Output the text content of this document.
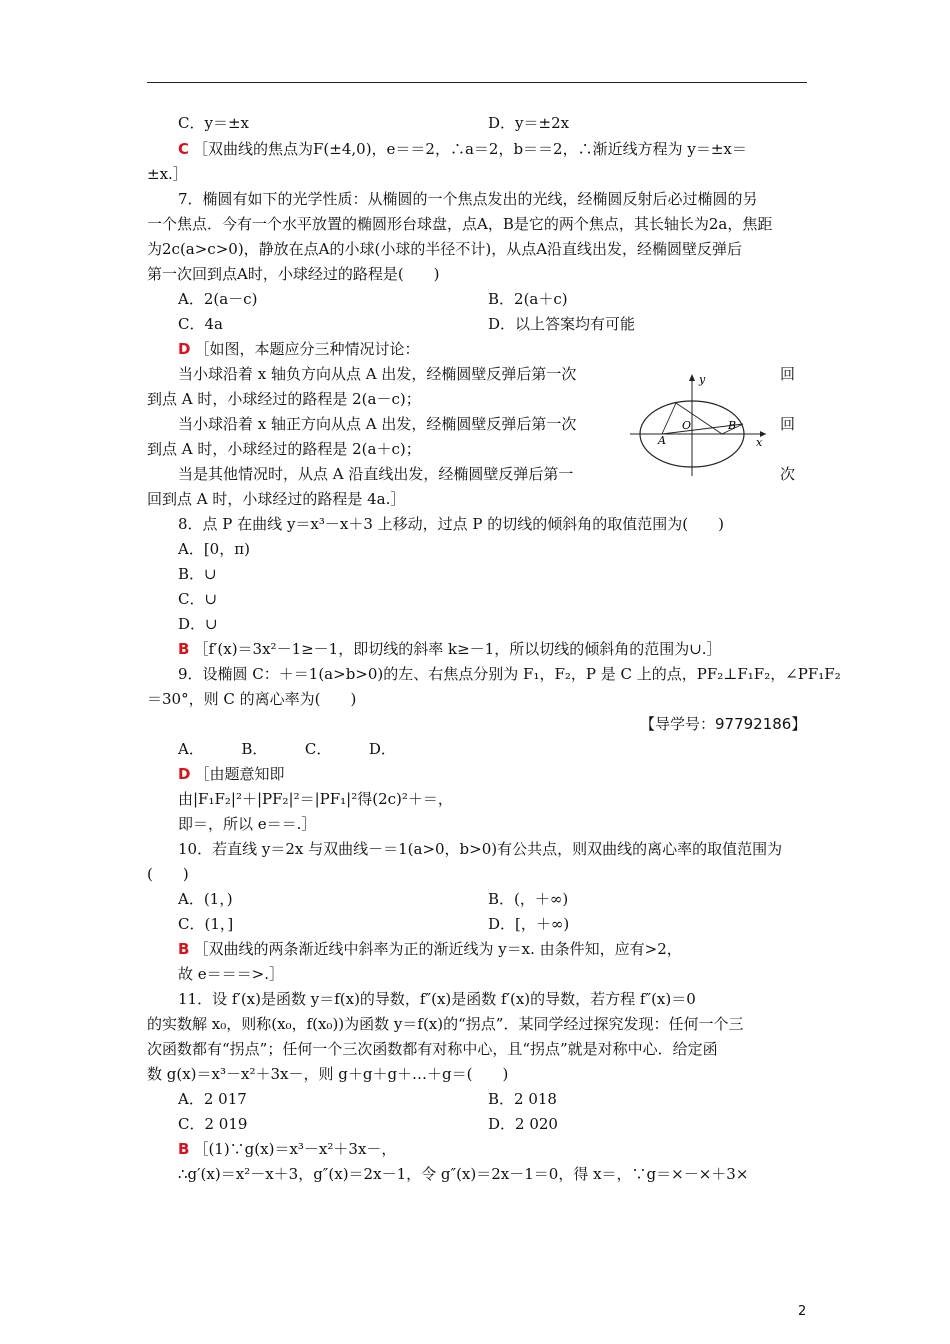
C．y＝±x	D．y＝±2x
C ［双曲线的焦点为F(±4,0)，e＝＝2，∴a＝2，b＝＝2，∴渐近线方程为 y＝±x＝
±x.］
7．椭圆有如下的光学性质：从椭圆的一个焦点发出的光线，经椭圆反射后必过椭圆的另
一个焦点．今有一个水平放置的椭圆形台球盘，点A，B是它的两个焦点，其长轴长为2a，焦距
为2c(a>c>0)，静放在点A的小球(小球的半径不计)，从点A沿直线出发，经椭圆壁反弹后
第一次回到点A时，小球经过的路程是(　　)
A．2(a－c)	B．2(a＋c)
C．4a	D．以上答案均有可能
D ［如图，本题应分三种情况讨论：
当小球沿着 x 轴负方向从点 A 出发，经椭圆壁反弹后第一次	回
到点 A 时，小球经过的路程是 2(a－c)；
当小球沿着 x 轴正方向从点 A 出发，经椭圆壁反弹后第一次	回
到点 A 时，小球经过的路程是 2(a＋c)；
当是其他情况时，从点 A 沿直线出发，经椭圆壁反弹后第一	次
回到点 A 时，小球经过的路程是 4a.］
8．点 P 在曲线 y＝x³－x＋3 上移动，过点 P 的切线的倾斜角的取值范围为(　　)
A．[0，π)
B．∪
C．∪
D．∪
B ［f′(x)＝3x²－1≥－1，即切线的斜率 k≥－1，所以切线的倾斜角的范围为∪.］
9．设椭圆 C：＋＝1(a>b>0)的左、右焦点分别为 F₁，F₂，P 是 C 上的点，PF₂⊥F₁F₂，∠PF₁F₂
＝30°，则 C 的离心率为(　　)
【导学号：97792186】
A．　　　B．　　　C．　　　D．
D ［由题意知即
由|F₁F₂|²＋|PF₂|²＝|PF₁|²得(2c)²＋＝，
即＝，所以 e＝＝.］
10．若直线 y＝2x 与双曲线－＝1(a>0，b>0)有公共点，则双曲线的离心率的取值范围为
(　　)
A．(1，)	B．(，＋∞)
C．(1，]	D．[，＋∞)
B ［双曲线的两条渐近线中斜率为正的渐近线为 y＝x. 由条件知，应有>2，
故 e＝＝＝>.］
11．设 f′(x)是函数 y＝f(x)的导数，f″(x)是函数 f′(x)的导数，若方程 f″(x)＝0
的实数解 x₀，则称(x₀，f(x₀))为函数 y＝f(x)的“拐点”．某同学经过探究发现：任何一个三
次函数都有“拐点”；任何一个三次函数都有对称中心，且“拐点”就是对称中心．给定函
数 g(x)＝x³－x²＋3x－，则 g＋g＋g＋…＋g＝(　　)
A．2 017	B．2 018
C．2 019	D．2 020
B ［(1)∵g(x)＝x³－x²＋3x－，
∴g′(x)＝x²－x＋3，g″(x)＝2x－1，令 g″(x)＝2x－1＝0，得 x＝，∵g＝×－×＋3×
y
O
A
B
x
2
